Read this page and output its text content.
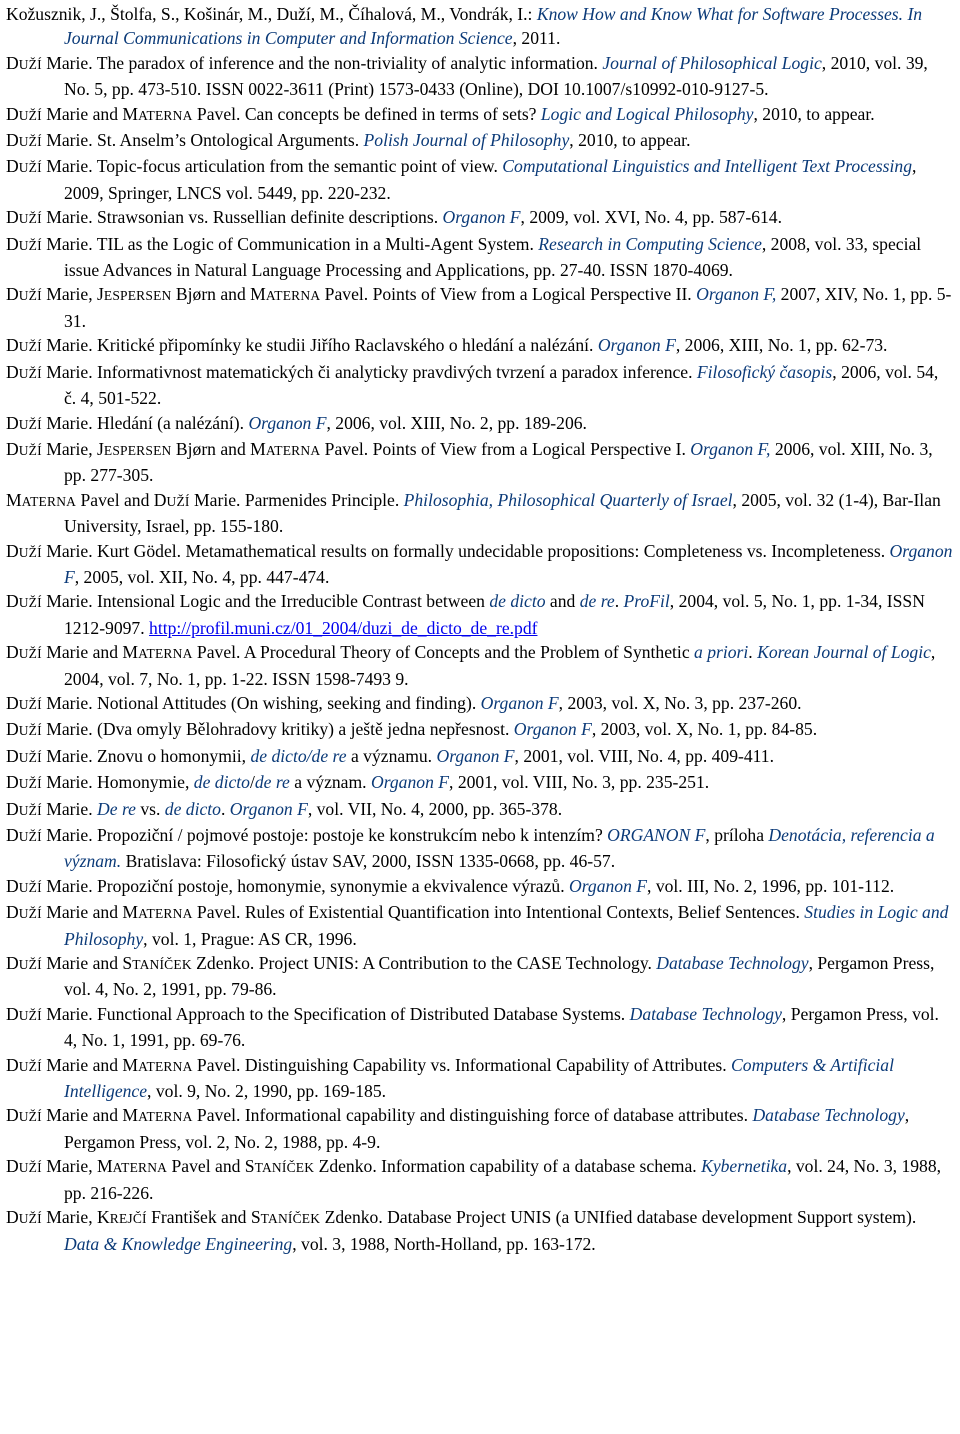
Kožusznik, J., Štolfa, S., Košinár, M., Duží, M., Číhalová, M., Vondrák, I.: Know How and Know What for Software Processes. In Journal Communications in Computer and Information Science, 2011.

DUŽÍ Marie. The paradox of inference and the non-triviality of analytic information. Journal of Philosophical Logic, 2010, vol. 39, No. 5, pp. 473-510. ISSN 0022-3611 (Print) 1573-0433 (Online), DOI 10.1007/s10992-010-9127-5.

DUŽÍ Marie and MATERNA Pavel. Can concepts be defined in terms of sets? Logic and Logical Philosophy, 2010, to appear.

DUŽÍ Marie. St. Anselm’s Ontological Arguments. Polish Journal of Philosophy, 2010, to appear.

DUŽÍ Marie. Topic-focus articulation from the semantic point of view. Computational Linguistics and Intelligent Text Processing, 2009, Springer, LNCS vol. 5449, pp. 220-232.

DUŽÍ Marie. Strawsonian vs. Russellian definite descriptions. Organon F, 2009, vol. XVI, No. 4, pp. 587-614.

DUŽÍ Marie. TIL as the Logic of Communication in a Multi-Agent System. Research in Computing Science, 2008, vol. 33, special issue Advances in Natural Language Processing and Applications, pp. 27-40. ISSN 1870-4069.

DUŽÍ Marie, JESPERSEN Bjørn and MATERNA Pavel. Points of View from a Logical Perspective II. Organon F, 2007, XIV, No. 1, pp. 5-31.

DUŽÍ Marie. Kritické připomínky ke studii Jiřího Raclavského o hledání a nalézání. Organon F, 2006, XIII, No. 1, pp. 62-73.

DUŽÍ Marie. Informativnost matematických či analyticky pravdivých tvrzení a paradox inference. Filosofický časopis, 2006, vol. 54, č. 4, 501-522.

DUŽÍ Marie. Hledání (a nalézání). Organon F, 2006, vol. XIII, No. 2, pp. 189-206.

DUŽÍ Marie, JESPERSEN Bjørn and MATERNA Pavel. Points of View from a Logical Perspective I. Organon F, 2006, vol. XIII, No. 3, pp. 277-305.

MATERNA Pavel and DUŽÍ Marie. Parmenides Principle. Philosophia, Philosophical Quarterly of Israel, 2005, vol. 32 (1-4), Bar-Ilan University, Israel, pp. 155-180.

DUŽÍ Marie. Kurt Gödel. Metamathematical results on formally undecidable propositions: Completeness vs. Incompleteness. Organon F, 2005, vol. XII, No. 4, pp. 447-474.

DUŽÍ Marie. Intensional Logic and the Irreducible Contrast between de dicto and de re. ProFil, 2004, vol. 5, No. 1, pp. 1-34, ISSN 1212-9097. http://profil.muni.cz/01_2004/duzi_de_dicto_de_re.pdf

DUŽÍ Marie and MATERNA Pavel. A Procedural Theory of Concepts and the Problem of Synthetic a priori. Korean Journal of Logic, 2004, vol. 7, No. 1, pp. 1-22. ISSN 1598-7493 9.

DUŽÍ Marie. Notional Attitudes (On wishing, seeking and finding). Organon F, 2003, vol. X, No. 3, pp. 237-260.

DUŽÍ Marie. (Dva omyly Bělohradovy kritiky) a ještě jedna nepřesnost. Organon F, 2003, vol. X, No. 1, pp. 84-85.

DUŽÍ Marie. Znovu o homonymii, de dicto/de re a významu. Organon F, 2001, vol. VIII, No. 4, pp. 409-411.

DUŽÍ Marie. Homonymie, de dicto/de re a význam. Organon F, 2001, vol. VIII, No. 3, pp. 235-251.

DUŽÍ Marie. De re vs. de dicto. Organon F, vol. VII, No. 4, 2000, pp. 365-378.

DUŽÍ Marie. Propoziční / pojmové postoje: postoje ke konstrukcím nebo k intenzím? ORGANON F, príloha Denotácia, referencia a význam. Bratislava: Filosofický ústav SAV, 2000, ISSN 1335-0668, pp. 46-57.

DUŽÍ Marie. Propoziční postoje, homonymie, synonymie a ekvivalence výrazů. Organon F, vol. III, No. 2, 1996, pp. 101-112.

DUŽÍ Marie and MATERNA Pavel. Rules of Existential Quantification into Intentional Contexts, Belief Sentences. Studies in Logic and Philosophy, vol. 1, Prague: AS CR, 1996.

DUŽÍ Marie and STANÍČEK Zdenko. Project UNIS: A Contribution to the CASE Technology. Database Technology, Pergamon Press, vol. 4, No. 2, 1991, pp. 79-86.

DUŽÍ Marie. Functional Approach to the Specification of Distributed Database Systems. Database Technology, Pergamon Press, vol. 4, No. 1, 1991, pp. 69-76.

DUŽÍ Marie and MATERNA Pavel. Distinguishing Capability vs. Informational Capability of Attributes. Computers & Artificial Intelligence, vol. 9, No. 2, 1990, pp. 169-185.

DUŽÍ Marie and MATERNA Pavel. Informational capability and distinguishing force of database attributes. Database Technology, Pergamon Press, vol. 2, No. 2, 1988, pp. 4-9.

DUŽÍ Marie, MATERNA Pavel and STANÍČEK Zdenko. Information capability of a database schema. Kybernetika, vol. 24, No. 3, 1988, pp. 216-226.

DUŽÍ Marie, KREJČÍ František and STANÍČEK Zdenko. Database Project UNIS (a UNIfied database development Support system). Data & Knowledge Engineering, vol. 3, 1988, North-Holland, pp. 163-172.
